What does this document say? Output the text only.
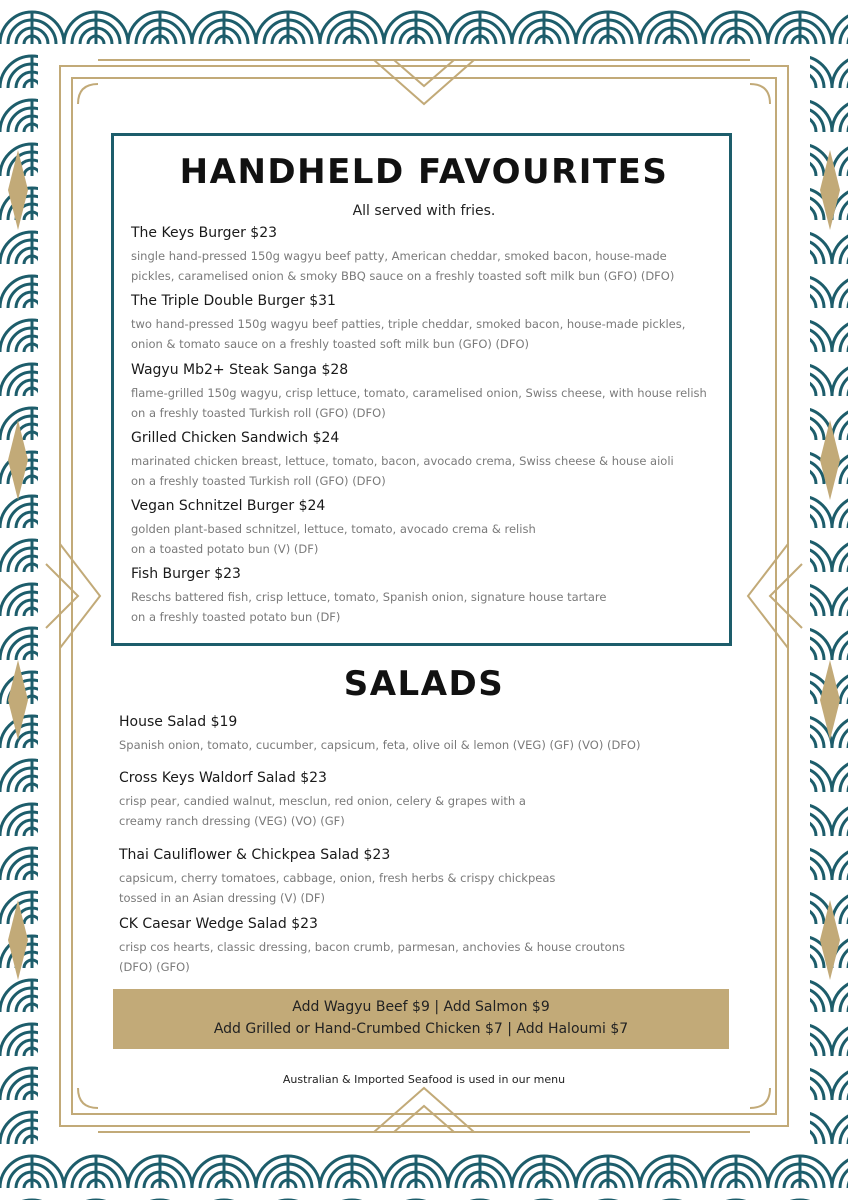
HANDHELD FAVOURITES
All served with fries.
The Keys Burger $23
single hand-pressed 150g wagyu beef patty, American cheddar, smoked bacon, house-made
pickles, caramelised onion & smoky BBQ sauce on a freshly toasted soft milk bun (GFO) (DFO)
The Triple Double Burger $31
two hand-pressed 150g wagyu beef patties, triple cheddar, smoked bacon, house-made pickles,
onion & tomato sauce on a freshly toasted soft milk bun (GFO) (DFO)
Wagyu Mb2+ Steak Sanga $28
flame-grilled 150g wagyu, crisp lettuce, tomato, caramelised onion, Swiss cheese, with house relish
on a freshly toasted Turkish roll (GFO) (DFO)
Grilled Chicken Sandwich $24
marinated chicken breast, lettuce, tomato, bacon, avocado crema, Swiss cheese & house aioli
on a freshly toasted Turkish roll (GFO) (DFO)
Vegan Schnitzel Burger $24
golden plant-based schnitzel, lettuce, tomato, avocado crema & relish
on a toasted potato bun (V) (DF)
Fish Burger $23
Reschs battered fish, crisp lettuce, tomato, Spanish onion, signature house tartare
on a freshly toasted potato bun (DF)
SALADS
House Salad $19
Spanish onion, tomato, cucumber, capsicum, feta, olive oil & lemon (VEG) (GF) (VO) (DFO)
Cross Keys Waldorf Salad $23
crisp pear, candied walnut, mesclun, red onion, celery & grapes with a
creamy ranch dressing (VEG) (VO) (GF)
Thai Cauliflower & Chickpea Salad $23
capsicum, cherry tomatoes, cabbage, onion, fresh herbs & crispy chickpeas
tossed in an Asian dressing (V) (DF)
CK Caesar Wedge Salad $23
crisp cos hearts, classic dressing, bacon crumb, parmesan, anchovies & house croutons
(DFO) (GFO)
Add Wagyu Beef $9 | Add Salmon $9
Add Grilled or Hand-Crumbed Chicken $7 | Add Haloumi $7
Australian & Imported Seafood is used in our menu
